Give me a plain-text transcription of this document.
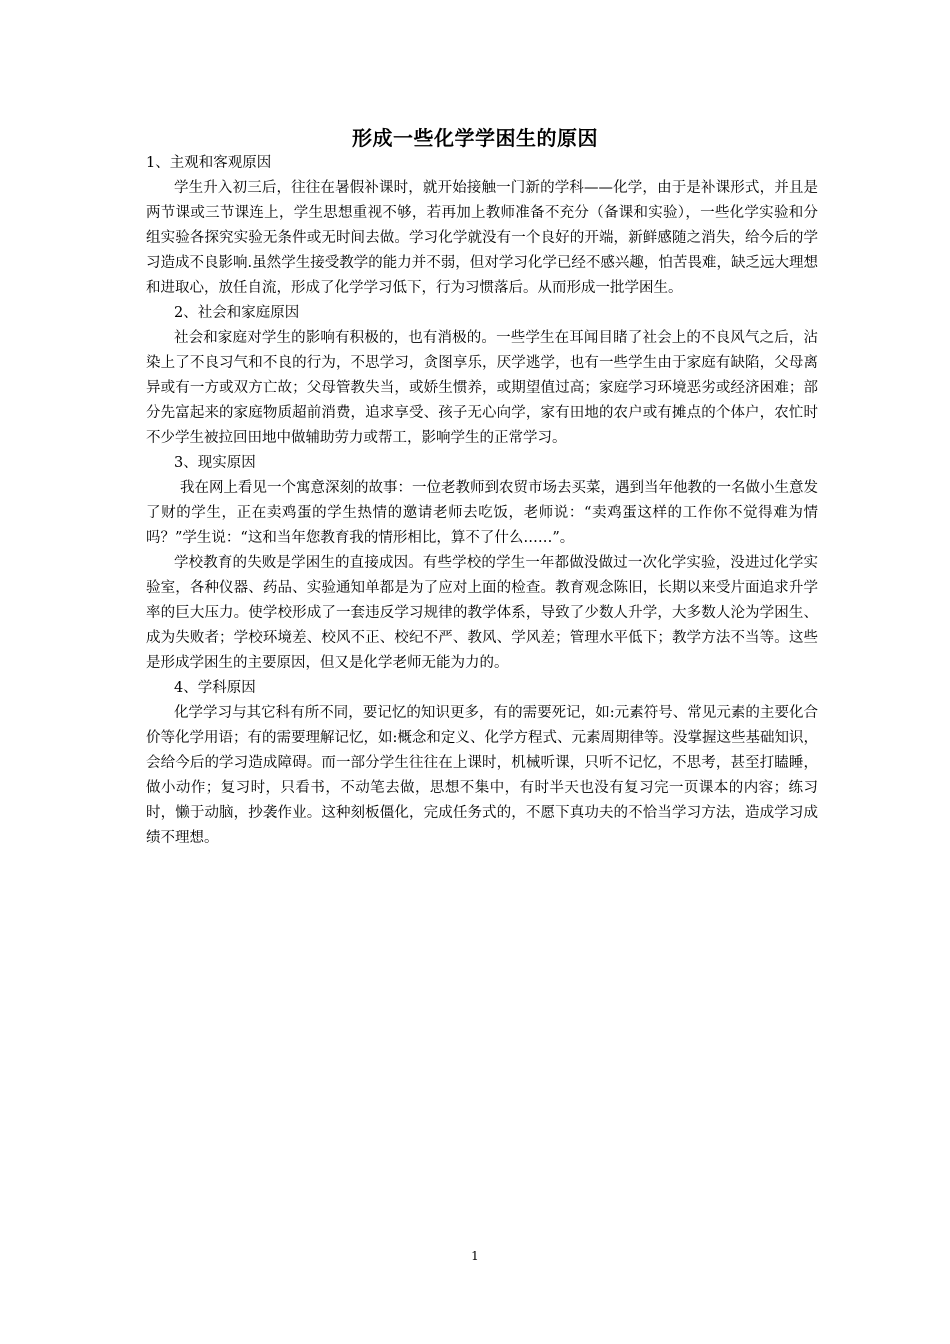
形成一些化学学困生的原因

1、主观和客观原因

学生升入初三后，往往在暑假补课时，就开始接触一门新的学科——化学，由于是补课形式，并且是两节课或三节课连上，学生思想重视不够，若再加上教师准备不充分（备课和实验），一些化学实验和分组实验各探究实验无条件或无时间去做。学习化学就没有一个良好的开端，新鲜感随之消失，给今后的学习造成不良影响.虽然学生接受教学的能力并不弱，但对学习化学已经不感兴趣，怕苦畏难，缺乏远大理想和进取心，放任自流，形成了化学学习低下，行为习惯落后。从而形成一批学困生。

2、社会和家庭原因

社会和家庭对学生的影响有积极的，也有消极的。一些学生在耳闻目睹了社会上的不良风气之后，沾染上了不良习气和不良的行为，不思学习，贪图享乐，厌学逃学，也有一些学生由于家庭有缺陷，父母离异或有一方或双方亡故；父母管教失当，或娇生惯养，或期望值过高；家庭学习环境恶劣或经济困难；部分先富起来的家庭物质超前消费，追求享受、孩子无心向学，家有田地的农户或有摊点的个体户，农忙时不少学生被拉回田地中做辅助劳力或帮工，影响学生的正常学习。

3、现实原因

我在网上看见一个寓意深刻的故事：一位老教师到农贸市场去买菜，遇到当年他教的一名做小生意发了财的学生，正在卖鸡蛋的学生热情的邀请老师去吃饭，老师说：“卖鸡蛋这样的工作你不觉得难为情吗？”学生说：“这和当年您教育我的情形相比，算不了什么……”。

学校教育的失败是学困生的直接成因。有些学校的学生一年都做没做过一次化学实验，没进过化学实验室，各种仪器、药品、实验通知单都是为了应对上面的检查。教育观念陈旧，长期以来受片面追求升学率的巨大压力。使学校形成了一套违反学习规律的教学体系，导致了少数人升学，大多数人沦为学困生、成为失败者；学校环境差、校风不正、校纪不严、教风、学风差；管理水平低下；教学方法不当等。这些是形成学困生的主要原因，但又是化学老师无能为力的。

4、学科原因

化学学习与其它科有所不同，要记忆的知识更多，有的需要死记，如:元素符号、常见元素的主要化合价等化学用语；有的需要理解记忆，如:概念和定义、化学方程式、元素周期律等。没掌握这些基础知识，会给今后的学习造成障碍。而一部分学生往往在上课时，机械听课，只听不记忆，不思考，甚至打瞌睡，做小动作；复习时，只看书，不动笔去做，思想不集中，有时半天也没有复习完一页课本的内容；练习时，懒于动脑，抄袭作业。这种刻板僵化，完成任务式的，不愿下真功夫的不恰当学习方法，造成学习成绩不理想。

1
